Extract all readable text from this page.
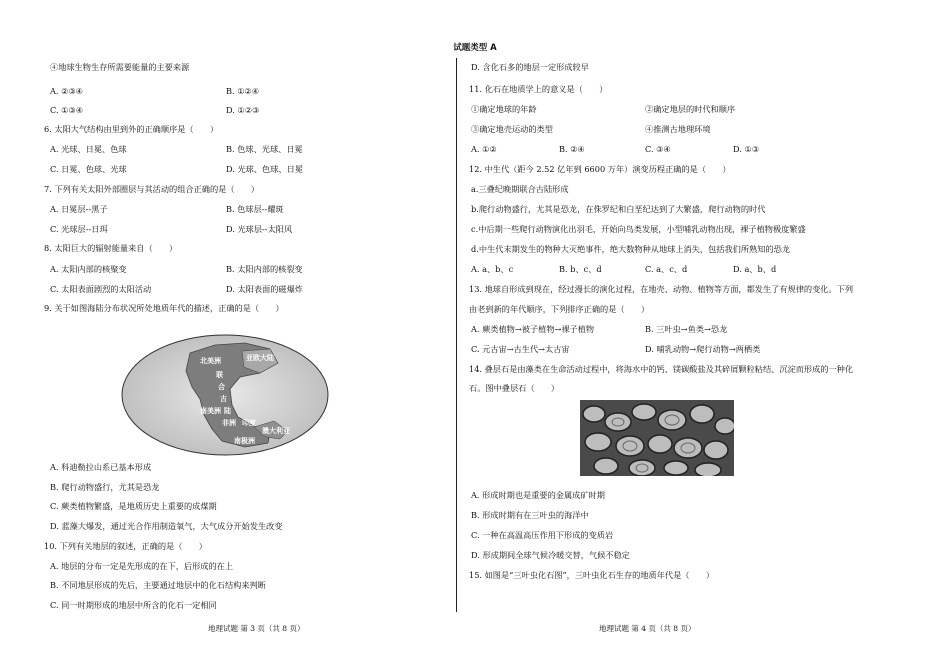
试题类型 A
④地球生物生存所需要能量的主要来源
A. ②③④	B. ①②④
C. ①③④	D. ①②③
6. 太阳大气结构由里到外的正确顺序是（　　）
A. 光球、日冕、色球	B. 色球、光球、日冕
C. 日冕、色球、光球	D. 光球、色球、日冕
7. 下列有关太阳外部圈层与其活动的组合正确的是（　　）
A. 日冕层--黑子	B. 色球层--耀斑
C. 光球层--日珥	D. 光球层--太阳风
8. 太阳巨大的辐射能量来自（　　）
A. 太阳内部的核聚变	B. 太阳内部的核裂变
C. 太阳表面剧烈的太阳活动	D. 太阳表面的磁爆炸
9. 关于如图海陆分布状况所处地质年代的描述，正确的是（　　）
亚欧大陆
北美洲
联
合
古
陆
南美洲
非洲 印度
澳大利亚
南极洲
A. 科迪勒拉山系已基本形成
B. 爬行动物盛行，尤其是恐龙
C. 蕨类植物繁盛，是地质历史上重要的成煤期
D. 蓝藻大爆发，通过光合作用制造氧气，大气成分开始发生改变
10. 下列有关地层的叙述，正确的是（　　）
A. 地层的分布一定是先形成的在下，后形成的在上
B. 不同地层形成的先后，主要通过地层中的化石结构来判断
C. 同一时期形成的地层中所含的化石一定相同
地理试题 第 3 页（共 8 页）
D. 含化石多的地层一定形成较早
11. 化石在地质学上的意义是（　　）
①确定地球的年龄	②确定地层的时代和顺序
③确定地壳运动的类型	④推测古地理环境
A. ①②	B. ②④	C. ③④	D. ①③
12. 中生代（距今 2.52 亿年到 6600 万年）演变历程正确的是（　　）
a.三叠纪晚期联合古陆形成
b.爬行动物盛行，尤其是恐龙，在侏罗纪和白垩纪达到了大繁盛，爬行动物的时代
c.中后期一些爬行动物演化出羽毛，开始向鸟类发展，小型哺乳动物出现，裸子植物极度繁盛
d.中生代末期发生的物种大灭绝事件，绝大数物种从地球上消失，包括我们所熟知的恐龙
A. a、b、c	B. b、c、d	C. a、c、d	D. a、b、d
13. 地球自形成到现在，经过漫长的演化过程，在地壳、动物、植物等方面，都发生了有规律的变化。下列
由老到新的年代顺序，下列排序正确的是（　　）
A. 蕨类植物→被子植物→裸子植物	B. 三叶虫→鱼类→恐龙
C. 元古宙→古生代→太古宙	D. 哺乳动物→爬行动物→两栖类
14. 叠层石是由藻类在生命活动过程中，将海水中的钙、镁碳酸盐及其碎屑颗粒粘结、沉淀而形成的一种化
石。图中叠层石（　　）
A. 形成时期也是重要的金属成矿时期
B. 形成时期有在三叶虫的海洋中
C. 一种在高温高压作用下形成的变质岩
D. 形成期间全球气候冷暖交替，气候不稳定
15. 如图是“三叶虫化石图”，三叶虫化石生存的地质年代是（　　）
地理试题 第 4 页（共 8 页）
